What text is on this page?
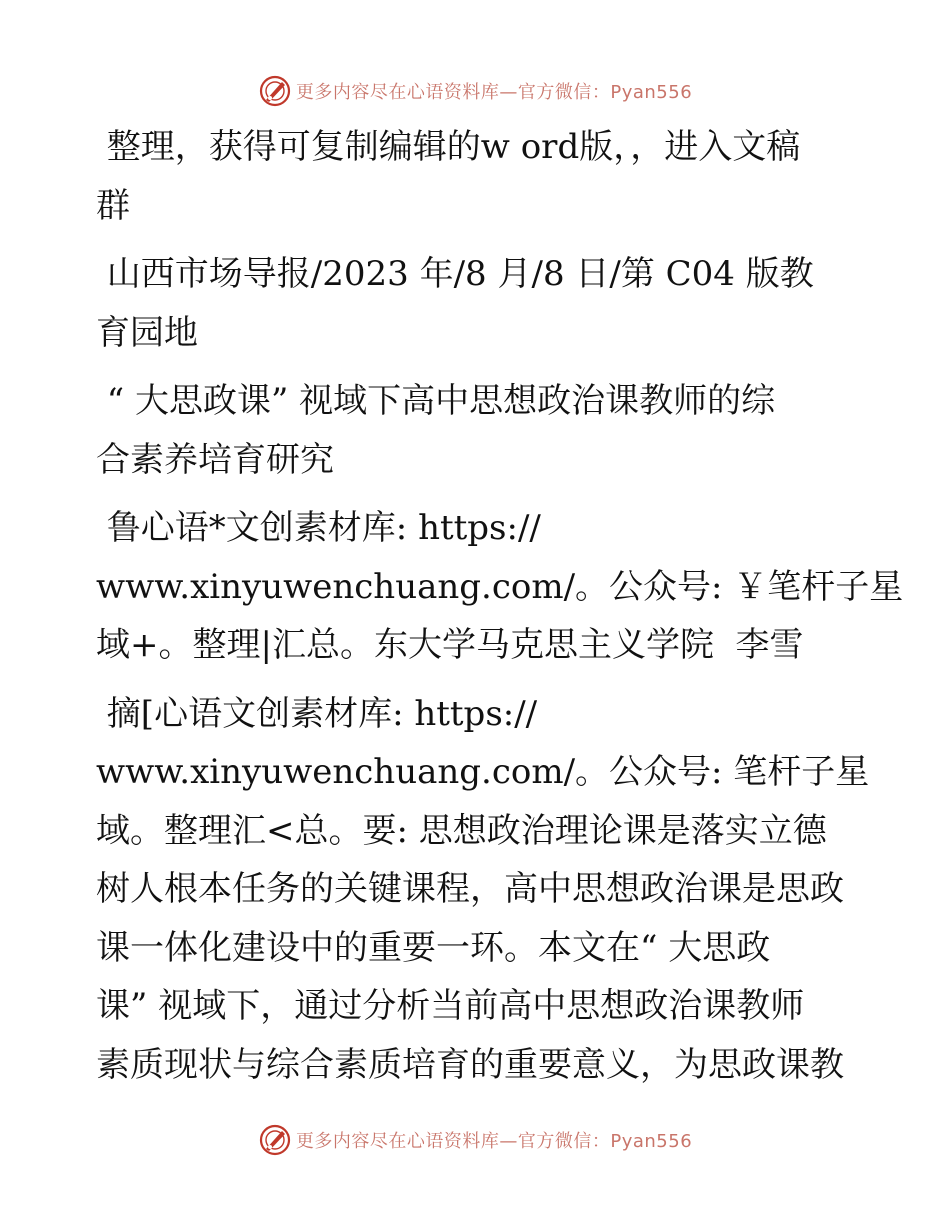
更多内容尽在心语资料库—官方微信：Pyan556
整理，获得可复制编辑的w ord版，，进入文稿
群
山西市场导报/2023 年/8 月/8 日/第 C04 版教
育园地
“ 大思政课” 视域下高中思想政治课教师的综
合素养培育研究
鲁心语*文创素材库: https://
www.xinyuwenchuang.com/。公众号: ￥笔杆子星
域+。整理|汇总。东大学马克思主义学院  李雪
摘[心语文创素材库: https://
www.xinyuwenchuang.com/。公众号: 笔杆子星
域。整理汇<总。要: 思想政治理论课是落实立德
树人根本任务的关键课程，高中思想政治课是思政
课一体化建设中的重要一环。本文在“ 大思政
课” 视域下，通过分析当前高中思想政治课教师
素质现状与综合素质培育的重要意义，为思政课教
更多内容尽在心语资料库—官方微信：Pyan556
